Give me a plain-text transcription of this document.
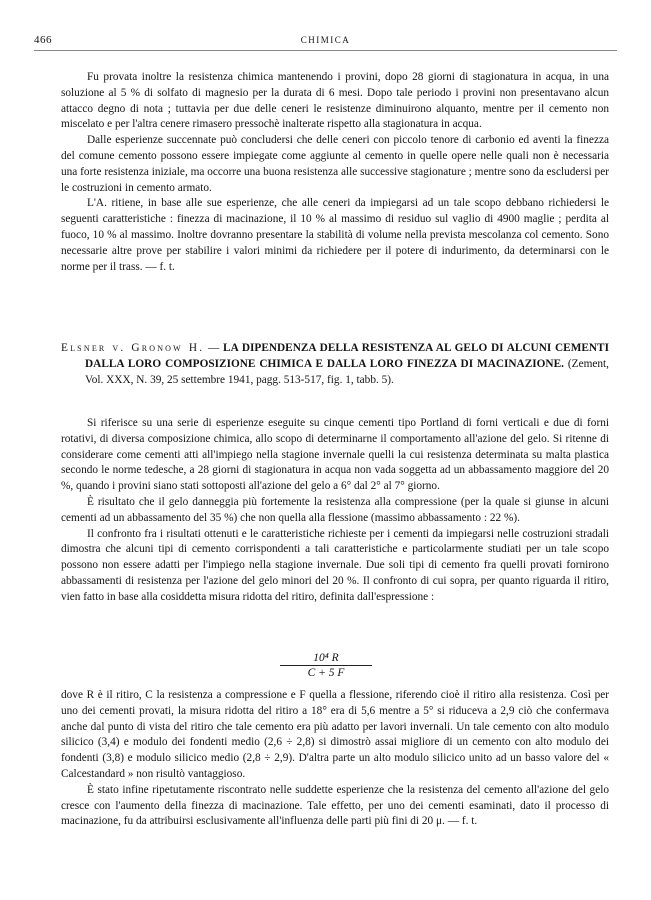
466	CHIMICA

Fu provata inoltre la resistenza chimica mantenendo i provini, dopo 28 giorni di stagionatura in acqua, in una soluzione al 5 % di solfato di magnesio per la durata di 6 mesi. Dopo tale periodo i provini non presentavano alcun attacco degno di nota ; tuttavia per due delle ceneri le resistenze diminuirono alquanto, mentre per il cemento non miscelato e per l'altra cenere rimasero pressochè inalterate rispetto alla stagionatura in acqua.

Dalle esperienze succennate può concludersi che delle ceneri con piccolo tenore di carbonio ed aventi la finezza del comune cemento possono essere impiegate come aggiunte al cemento in quelle opere nelle quali non è necessaria una forte resistenza iniziale, ma occorre una buona resistenza alle successive stagionature ; mentre sono da escludersi per le costruzioni in cemento armato.

L'A. ritiene, in base alle sue esperienze, che alle ceneri da impiegarsi ad un tale scopo debbano richiedersi le seguenti caratteristiche : finezza di macinazione, il 10 % al massimo di residuo sul vaglio di 4900 maglie ; perdita al fuoco, 10 % al massimo. Inoltre dovranno presentare la stabilità di volume nella prevista mescolanza col cemento. Sono necessarie altre prove per stabilire i valori minimi da richiedere per il potere di indurimento, da determinarsi con le norme per il trass. — f. t.

Elsner v. Gronow H. — LA DIPENDENZA DELLA RESISTENZA AL GELO DI ALCUNI CEMENTI DALLA LORO COMPOSIZIONE CHIMICA E DALLA LORO FINEZZA DI MACINAZIONE. (Zement, Vol. XXX, N. 39, 25 settembre 1941, pagg. 513-517, fig. 1, tabb. 5).

Si riferisce su una serie di esperienze eseguite su cinque cementi tipo Portland di forni verticali e due di forni rotativi, di diversa composizione chimica, allo scopo di determinarne il comportamento all'azione del gelo. Si ritenne di considerare come cementi atti all'impiego nella stagione invernale quelli la cui resistenza determinata su malta plastica secondo le norme tedesche, a 28 giorni di stagionatura in acqua non vada soggetta ad un abbassamento maggiore del 20 %, quando i provini siano stati sottoposti all'azione del gelo a 6° dal 2° al 7° giorno.

È risultato che il gelo danneggia più fortemente la resistenza alla compressione (per la quale si giunse in alcuni cementi ad un abbassamento del 35 %) che non quella alla flessione (massimo abbassamento : 22 %).

Il confronto fra i risultati ottenuti e le caratteristiche richieste per i cementi da impiegarsi nelle costruzioni stradali dimostra che alcuni tipi di cemento corrispondenti a tali caratteristiche e particolarmente studiati per un tale scopo possono non essere adatti per l'impiego nella stagione invernale. Due soli tipi di cemento fra quelli provati fornirono abbassamenti di resistenza per l'azione del gelo minori del 20 %. Il confronto di cui sopra, per quanto riguarda il ritiro, vien fatto in base alla cosiddetta misura ridotta del ritiro, definita dall'espressione :

$\frac{\text{10⁴ R}}{C + 5 F}$

dove R è il ritiro, C la resistenza a compressione e F quella a flessione, riferendo cioè il ritiro alla resistenza. Così per uno dei cementi provati, la misura ridotta del ritiro a 18° era di 5,6 mentre a 5° si riduceva a 2,9 ciò che confermava anche dal punto di vista del ritiro che tale cemento era più adatto per lavori invernali. Un tale cemento con alto modulo silicico (3,4) e modulo dei fondenti medio (2,6 ÷ 2,8) si dimostrò assai migliore di un cemento con alto modulo dei fondenti (3,8) e modulo silicico medio (2,8 ÷ 2,9). D'altra parte un alto modulo silicico unito ad un basso valore del « Calcestandard » non risultò vantaggioso.

È stato infine ripetutamente riscontrato nelle suddette esperienze che la resistenza del cemento all'azione del gelo cresce con l'aumento della finezza di macinazione. Tale effetto, per uno dei cementi esaminati, dato il processo di macinazione, fu da attribuirsi esclusivamente all'influenza delle parti più fini di 20 μ. — f. t.
